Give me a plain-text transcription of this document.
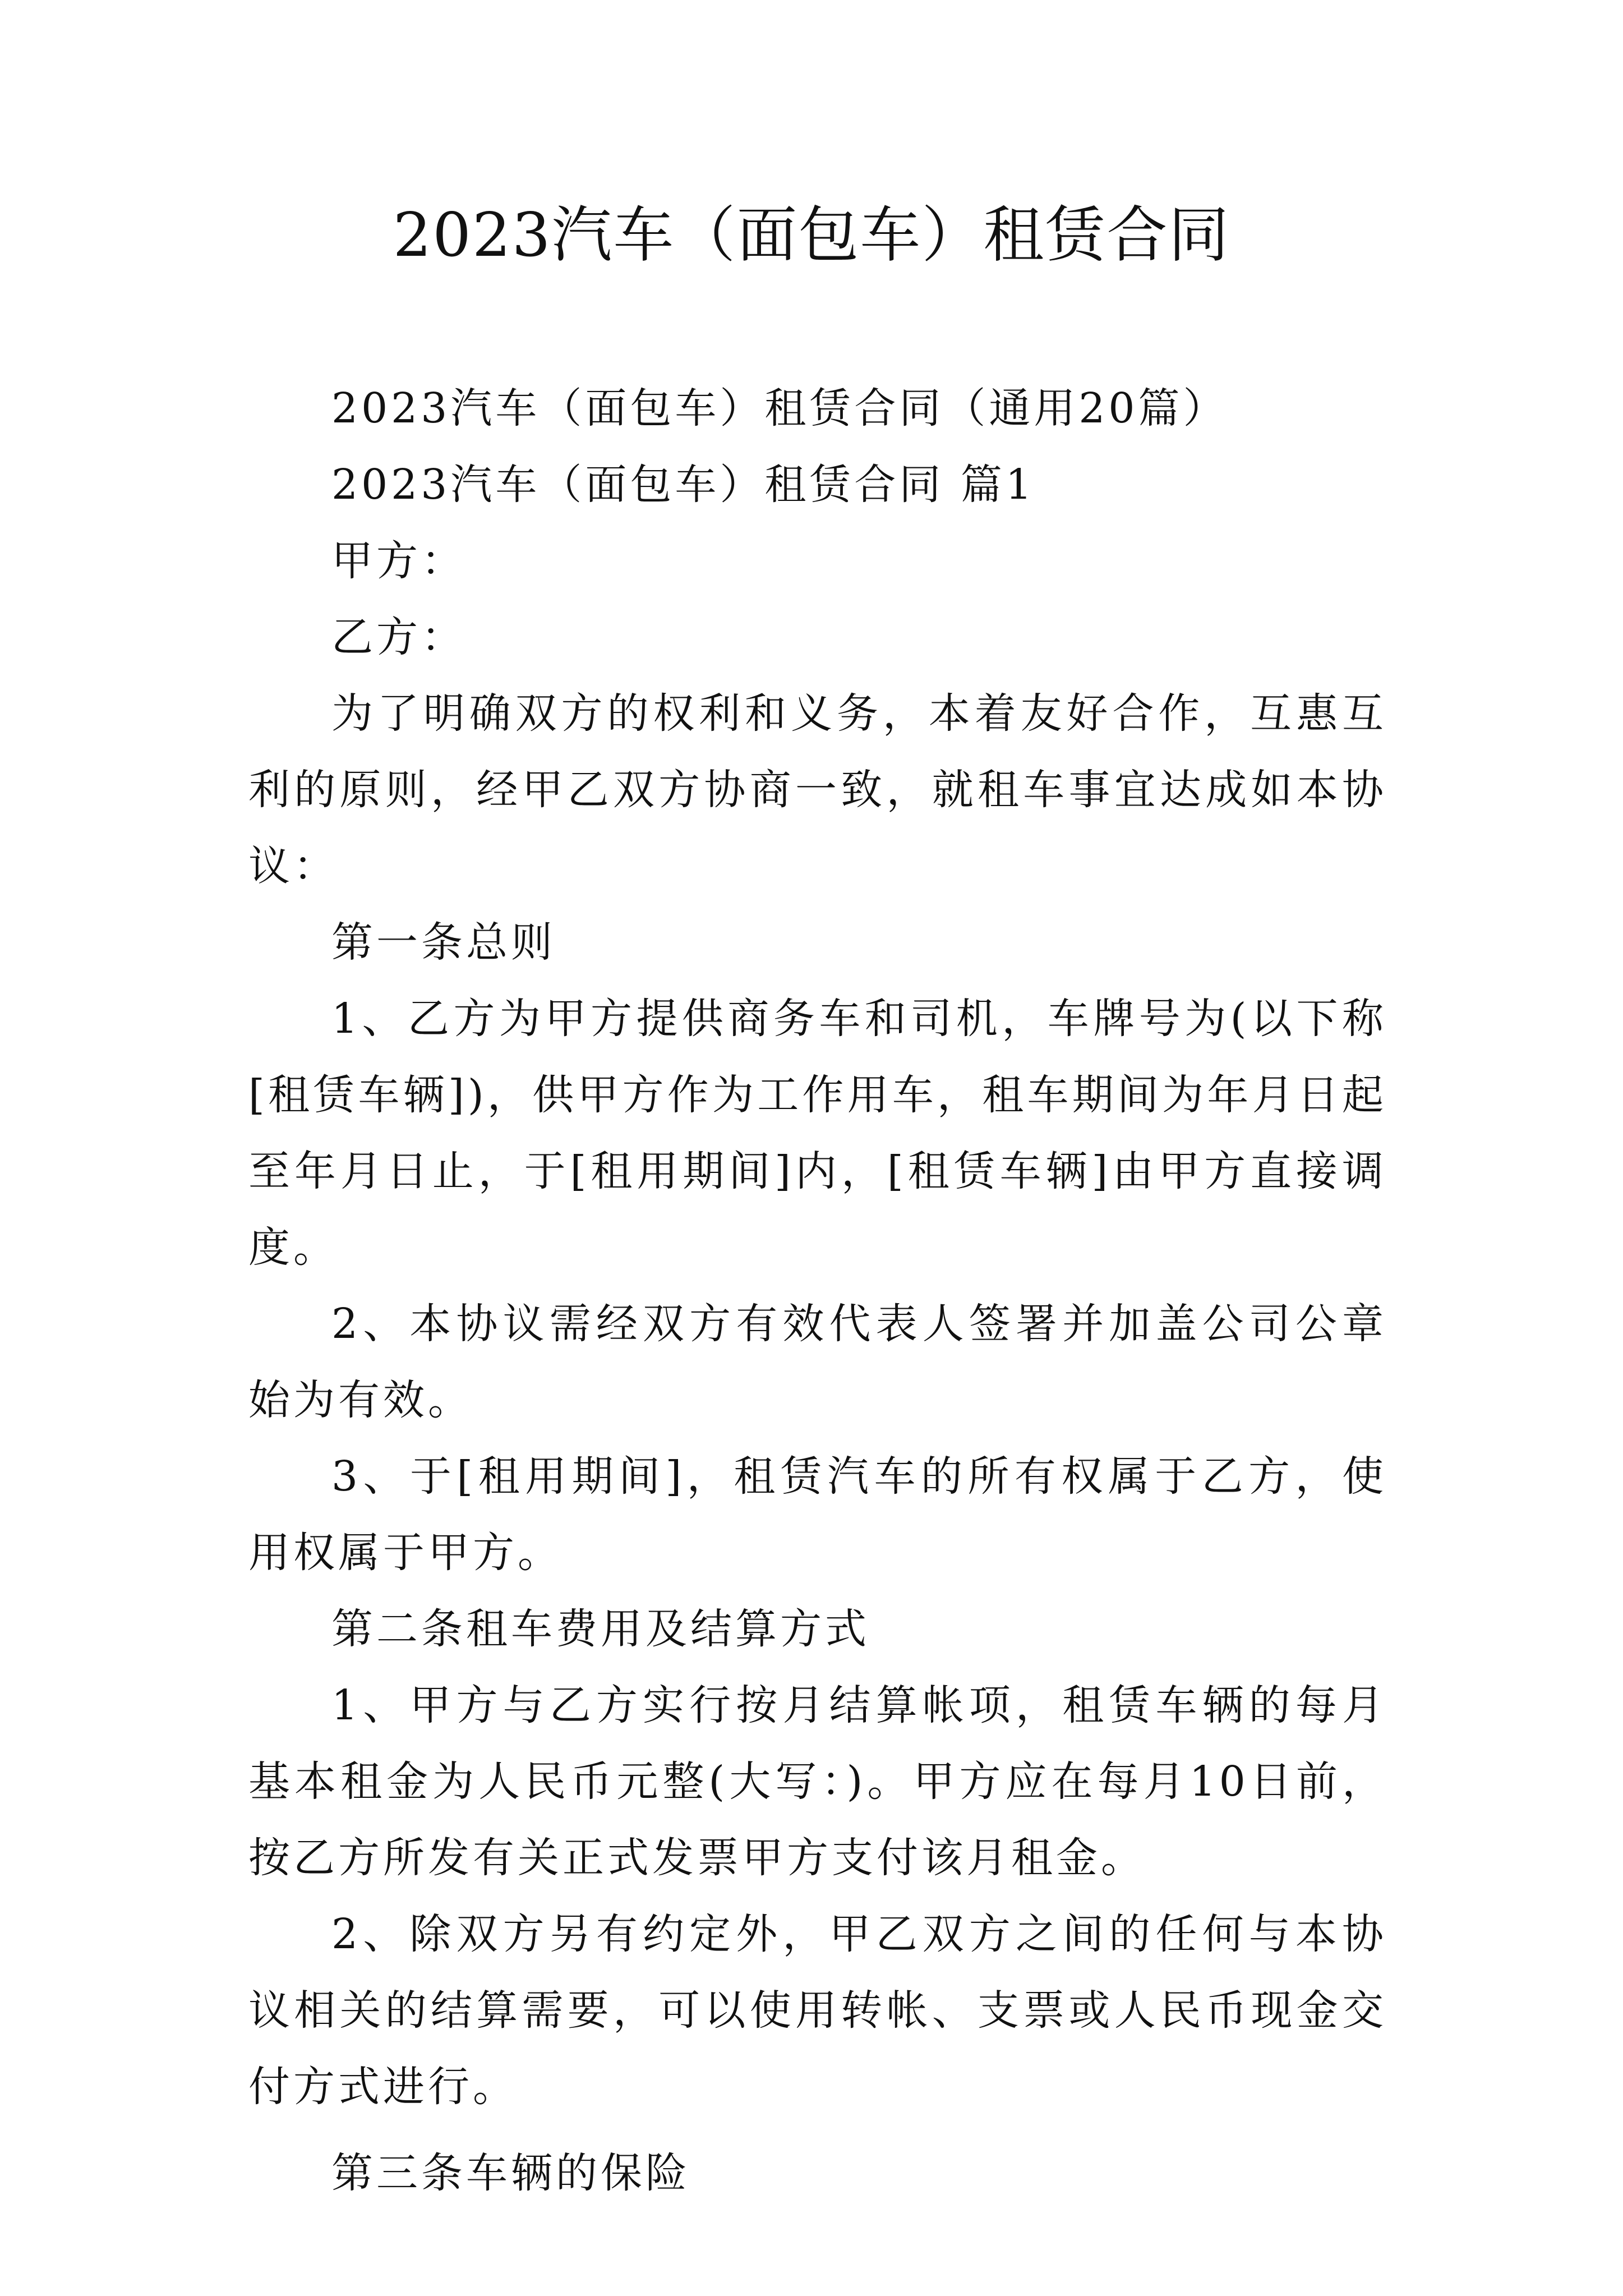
2023汽车（面包车）租赁合同

2023汽车（面包车）租赁合同（通用20篇）

2023汽车（面包车）租赁合同 篇1

甲方：

乙方：

为了明确双方的权利和义务，本着友好合作，互惠互利的原则，经甲乙双方协商一致，就租车事宜达成如本协议：

第一条总则

1、乙方为甲方提供商务车和司机，车牌号为(以下称[租赁车辆])，供甲方作为工作用车，租车期间为年月日起至年月日止，于[租用期间]内，[租赁车辆]由甲方直接调度。

2、本协议需经双方有效代表人签署并加盖公司公章始为有效。

3、于[租用期间]，租赁汽车的所有权属于乙方，使用权属于甲方。

第二条租车费用及结算方式

1、甲方与乙方实行按月结算帐项，租赁车辆的每月基本租金为人民币元整(大写：)。甲方应在每月10日前，按乙方所发有关正式发票甲方支付该月租金。

2、除双方另有约定外，甲乙双方之间的任何与本协议相关的结算需要，可以使用转帐、支票或人民币现金交付方式进行。

第三条车辆的保险
